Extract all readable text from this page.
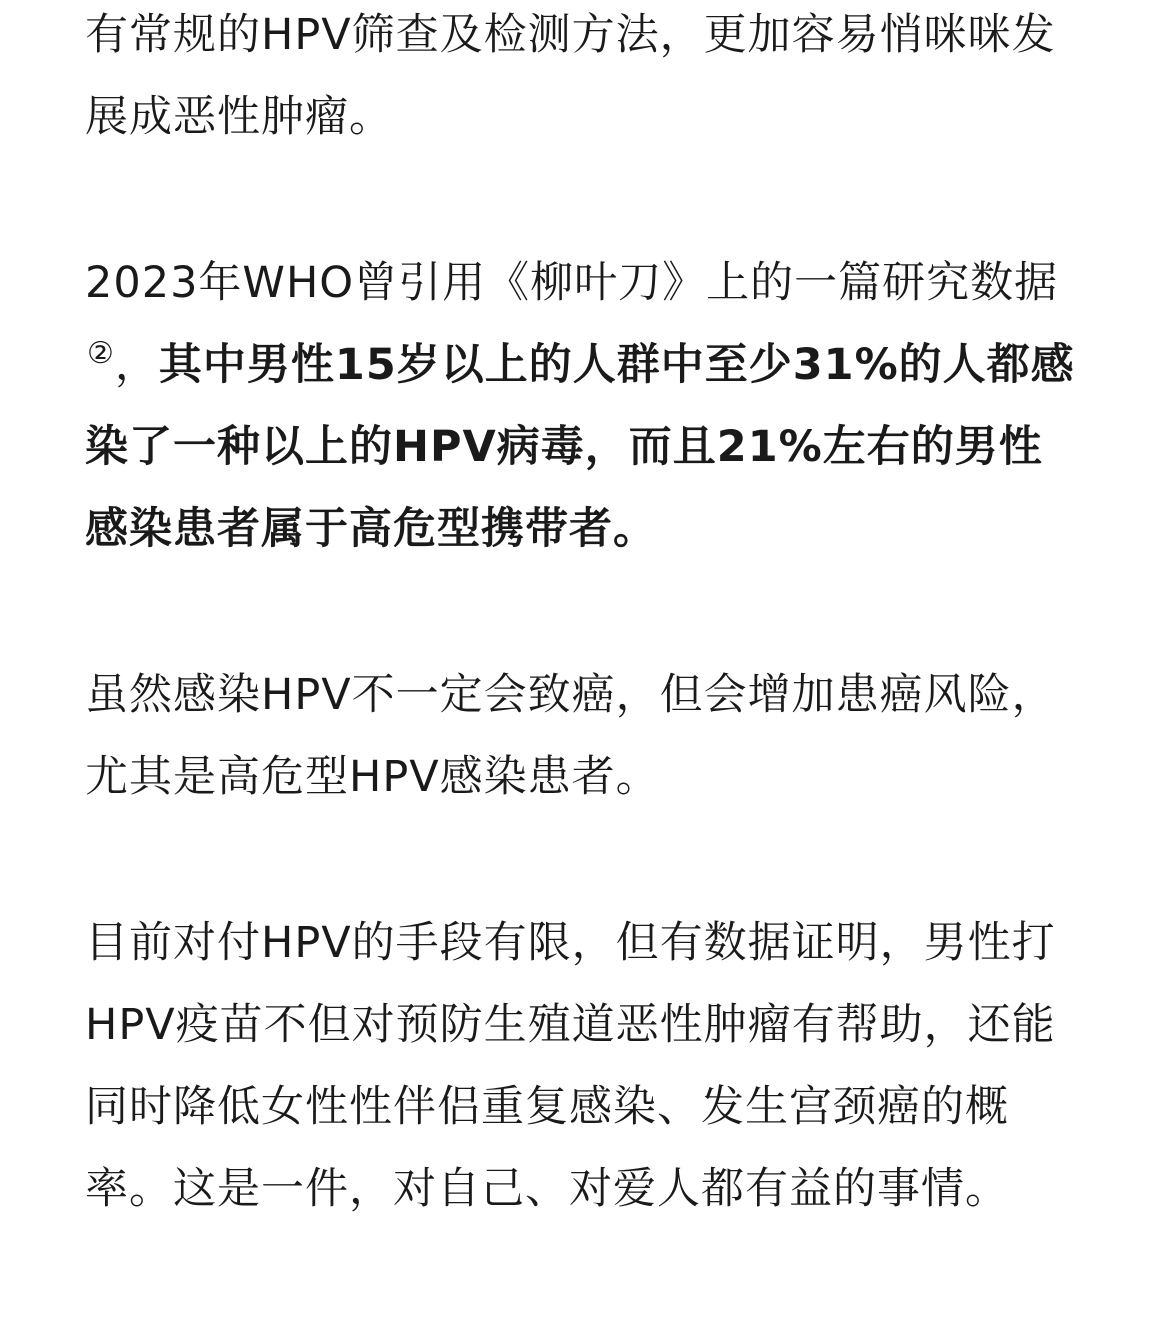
有常规的HPV筛查及检测方法，更加容易悄咪咪发展成恶性肿瘤。

2023年WHO曾引用《柳叶刀》上的一篇研究数据②，其中男性15岁以上的人群中至少31%的人都感染了一种以上的HPV病毒，而且21%左右的男性感染患者属于高危型携带者。

虽然感染HPV不一定会致癌，但会增加患癌风险，尤其是高危型HPV感染患者。

目前对付HPV的手段有限，但有数据证明，男性打HPV疫苗不但对预防生殖道恶性肿瘤有帮助，还能同时降低女性性伴侣重复感染、发生宫颈癌的概率。这是一件，对自己、对爱人都有益的事情。
